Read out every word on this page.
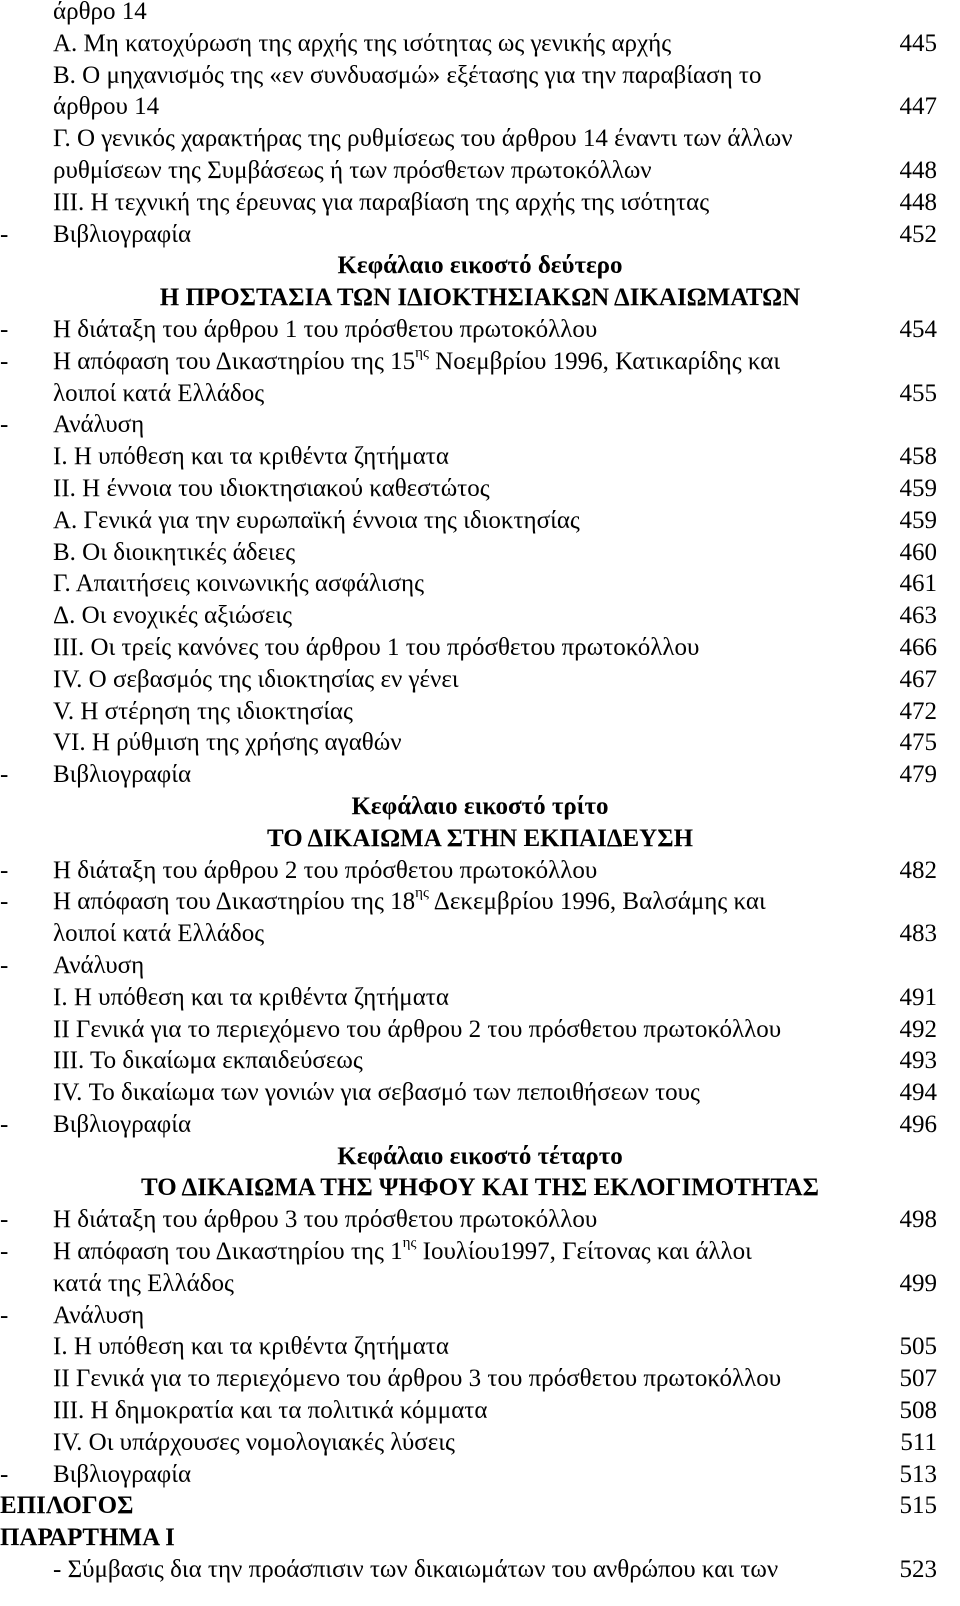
άρθρο 14
Α. Μη κατοχύρωση της αρχής της ισότητας ως γενικής αρχής	445
Β. Ο μηχανισμός της «εν συνδυασμώ» εξέτασης για την παραβίαση το
άρθρου 14	447
Γ. Ο γενικός χαρακτήρας της ρυθμίσεως του άρθρου 14 έναντι των άλλων
ρυθμίσεων της Συμβάσεως ή των πρόσθετων πρωτοκόλλων	448
ΙΙΙ. Η τεχνική της έρευνας για παραβίαση της αρχής της ισότητας	448
- Βιβλιογραφία	452
Κεφάλαιο εικοστό δεύτερο
Η ΠΡΟΣΤΑΣΙΑ ΤΩΝ ΙΔΙΟΚΤΗΣΙΑΚΩΝ ΔΙΚΑΙΩΜΑΤΩΝ
- Η διάταξη του άρθρου 1 του πρόσθετου πρωτοκόλλου	454
- Η απόφαση του Δικαστηρίου της $15^{\eta\varsigma}$ Νοεμβρίου 1996, Κατικαρίδης και
λοιποί κατά Ελλάδος	455
- Ανάλυση
Ι. Η υπόθεση και τα κριθέντα ζητήματα	458
ΙΙ. Η έννοια του ιδιοκτησιακού καθεστώτος	459
Α. Γενικά για την ευρωπαϊκή έννοια της ιδιοκτησίας	459
Β. Οι διοικητικές άδειες	460
Γ. Απαιτήσεις κοινωνικής ασφάλισης	461
Δ. Οι ενοχικές αξιώσεις	463
ΙΙΙ. Οι τρείς κανόνες του άρθρου 1 του πρόσθετου πρωτοκόλλου	466
ΙV. Ο σεβασμός της ιδιοκτησίας εν γένει	467
V. Η στέρηση της ιδιοκτησίας	472
VI. Η ρύθμιση της χρήσης αγαθών	475
- Βιβλιογραφία	479
Κεφάλαιο εικοστό τρίτο
ΤΟ ΔΙΚΑΙΩΜΑ ΣΤΗΝ ΕΚΠΑΙΔΕΥΣΗ
- Η διάταξη του άρθρου 2 του πρόσθετου πρωτοκόλλου	482
- Η απόφαση του Δικαστηρίου της $18^{\eta\varsigma}$ Δεκεμβρίου 1996, Βαλσάμης και
λοιποί κατά Ελλάδος	483
- Ανάλυση
Ι. Η υπόθεση και τα κριθέντα ζητήματα	491
ΙΙ Γενικά για το περιεχόμενο του άρθρου 2 του πρόσθετου πρωτοκόλλου	492
ΙΙΙ. Το δικαίωμα εκπαιδεύσεως	493
ΙV. Το δικαίωμα των γονιών για σεβασμό των πεποιθήσεων τους	494
- Βιβλιογραφία	496
Κεφάλαιο εικοστό τέταρτο
ΤΟ ΔΙΚΑΙΩΜΑ ΤΗΣ ΨΗΦΟΥ ΚΑΙ ΤΗΣ ΕΚΛΟΓΙΜΟΤΗΤΑΣ
- Η διάταξη του άρθρου 3 του πρόσθετου πρωτοκόλλου	498
- Η απόφαση του Δικαστηρίου της $1^{\eta\varsigma}$ Ιουλίου1997, Γείτονας και άλλοι
κατά της Ελλάδος	499
- Ανάλυση
Ι. Η υπόθεση και τα κριθέντα ζητήματα	505
ΙΙ Γενικά για το περιεχόμενο του άρθρου 3 του πρόσθετου πρωτοκόλλου	507
ΙΙΙ. Η δημοκρατία και τα πολιτικά κόμματα	508
ΙV. Οι υπάρχουσες νομολογιακές λύσεις	511
- Βιβλιογραφία	513
ΕΠΙΛΟΓΟΣ	515
ΠΑΡΑΡΤΗΜΑ Ι
- Σύμβασις δια την προάσπισιν των δικαιωμάτων του ανθρώπου και των	523
